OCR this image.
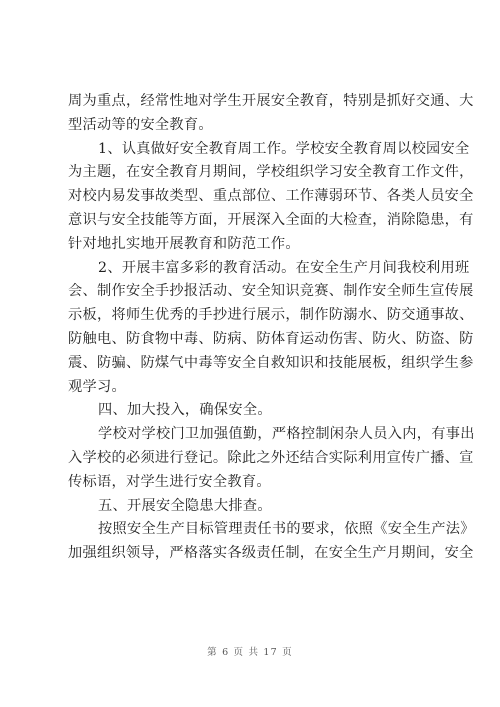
周为重点，经常性地对学生开展安全教育，特别是抓好交通、大
型活动等的安全教育。
1、认真做好安全教育周工作。学校安全教育周以校园安全
为主题，在安全教育月期间，学校组织学习安全教育工作文件，
对校内易发事故类型、重点部位、工作薄弱环节、各类人员安全
意识与安全技能等方面，开展深入全面的大检查，消除隐患，有
针对地扎实地开展教育和防范工作。
2、开展丰富多彩的教育活动。在安全生产月间我校利用班
会、制作安全手抄报活动、安全知识竞赛、制作安全师生宣传展
示板，将师生优秀的手抄进行展示，制作防溺水、防交通事故、
防触电、防食物中毒、防病、防体育运动伤害、防火、防盗、防
震、防骗、防煤气中毒等安全自救知识和技能展板，组织学生参
观学习。
四、加大投入，确保安全。
学校对学校门卫加强值勤，严格控制闲杂人员入内，有事出
入学校的必须进行登记。除此之外还结合实际利用宣传广播、宣
传标语，对学生进行安全教育。
五、开展安全隐患大排查。
按照安全生产目标管理责任书的要求，依照《安全生产法》
加强组织领导，严格落实各级责任制，在安全生产月期间，安全
第 6 页 共 17 页
